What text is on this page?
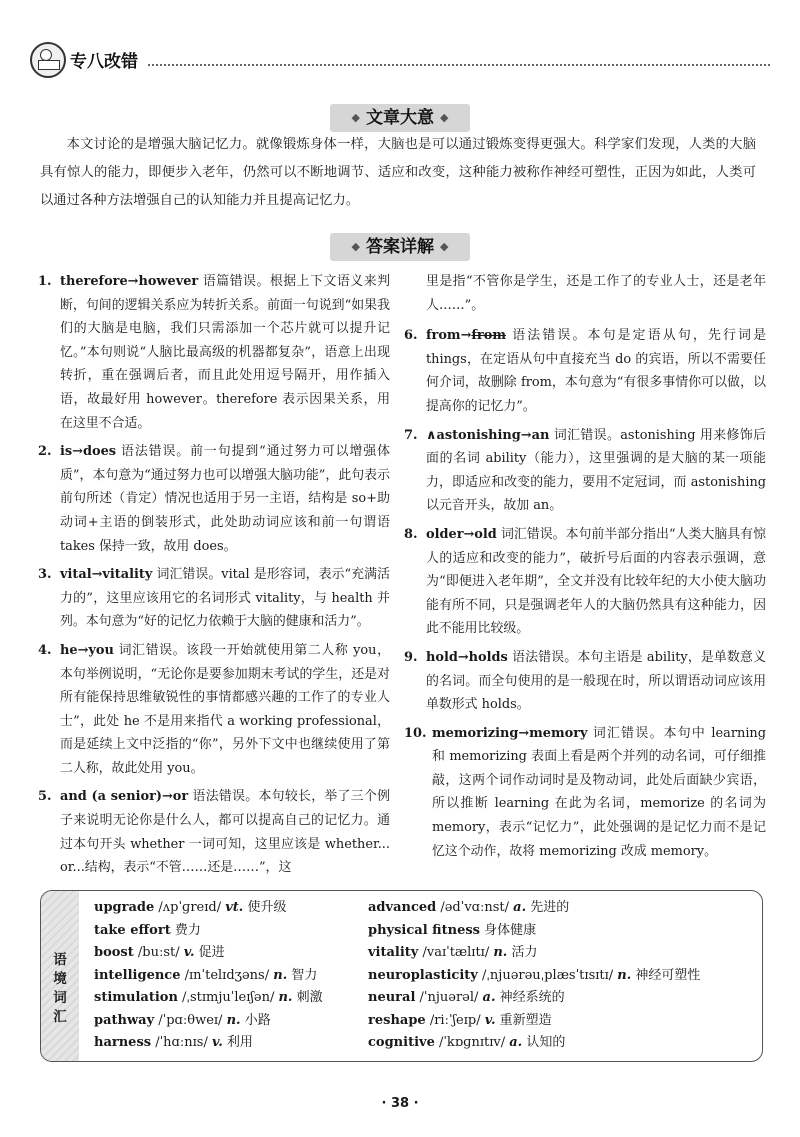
专八改错
◆ 文章大意 ◆

本文讨论的是增强大脑记忆力。就像锻炼身体一样，大脑也是可以通过锻炼变得更强大。科学家们发现，人类的大脑具有惊人的能力，即便步入老年，仍然可以不断地调节、适应和改变，这种能力被称作神经可塑性，正因为如此，人类可以通过各种方法增强自己的认知能力并且提高记忆力。

◆ 答案详解 ◆
1. therefore→however 语篇错误。根据上下文语义来判断，句间的逻辑关系应为转折关系。前面一句说到“如果我们的大脑是电脑，我们只需添加一个芯片就可以提升记忆。”本句则说“人脑比最高级的机器都复杂”，语意上出现转折，重在强调后者，而且此处用逗号隔开，用作插入语，故最好用 however。therefore 表示因果关系，用在这里不合适。
2. is→does 语法错误。前一句提到“通过努力可以增强体质”，本句意为“通过努力也可以增强大脑功能”，此句表示前句所述（肯定）情况也适用于另一主语，结构是 so+助动词+主语的倒装形式，此处助动词应该和前一句谓语 takes 保持一致，故用 does。
3. vital→vitality 词汇错误。vital 是形容词，表示“充满活力的”，这里应该用它的名词形式 vitality，与 health 并列。本句意为“好的记忆力依赖于大脑的健康和活力”。
4. he→you 词汇错误。该段一开始就使用第二人称 you，本句举例说明，“无论你是要参加期末考试的学生，还是对所有能保持思维敏锐性的事情都感兴趣的工作了的专业人士”，此处 he 不是用来指代 a working professional，而是延续上文中泛指的“你”，另外下文中也继续使用了第二人称，故此处用 you。
5. and (a senior)→or 语法错误。本句较长，举了三个例子来说明无论你是什么人，都可以提高自己的记忆力。通过本句开头 whether 一词可知，这里应该是 whether... or...结构，表示“不管……还是……”，这
里是指“不管你是学生，还是工作了的专业人士，还是老年人……”。
6. from→from 语法错误。本句是定语从句，先行词是 things，在定语从句中直接充当 do 的宾语，所以不需要任何介词，故删除 from，本句意为“有很多事情你可以做，以提高你的记忆力”。
7. ∧astonishing→an 词汇错误。astonishing 用来修饰后面的名词 ability（能力），这里强调的是大脑的某一项能力，即适应和改变的能力，要用不定冠词，而 astonishing 以元音开头，故加 an。
8. older→old 词汇错误。本句前半部分指出“人类大脑具有惊人的适应和改变的能力”，破折号后面的内容表示强调，意为“即便进入老年期”，全文并没有比较年纪的大小使大脑功能有所不同，只是强调老年人的大脑仍然具有这种能力，因此不能用比较级。
9. hold→holds 语法错误。本句主语是 ability，是单数意义的名词。而全句使用的是一般现在时，所以谓语动词应该用单数形式 holds。
10. memorizing→memory 词汇错误。本句中 learning 和 memorizing 表面上看是两个并列的动名词，可仔细推敲，这两个词作动词时是及物动词，此处后面缺少宾语，所以推断 learning 在此为名词，memorize 的名词为 memory，表示“记忆力”，此处强调的是记忆力而不是记忆这个动作，故将 memorizing 改成 memory。
语境词汇
upgrade /ʌpˈɡreɪd/ vt. 使升级
take effort 费力
boost /buːst/ v. 促进
intelligence /ɪnˈtelɪdʒəns/ n. 智力
stimulation /ˌstɪmjuˈleɪʃən/ n. 刺激
pathway /ˈpɑːθweɪ/ n. 小路
harness /ˈhɑːnɪs/ v. 利用
advanced /ədˈvɑːnst/ a. 先进的
physical fitness 身体健康
vitality /vaɪˈtælɪtɪ/ n. 活力
neuroplasticity /ˌnjuərəuˌplæsˈtɪsɪtɪ/ n. 神经可塑性
neural /ˈnjuərəl/ a. 神经系统的
reshape /riːˈʃeɪp/ v. 重新塑造
cognitive /ˈkɒɡnɪtɪv/ a. 认知的
· 38 ·
